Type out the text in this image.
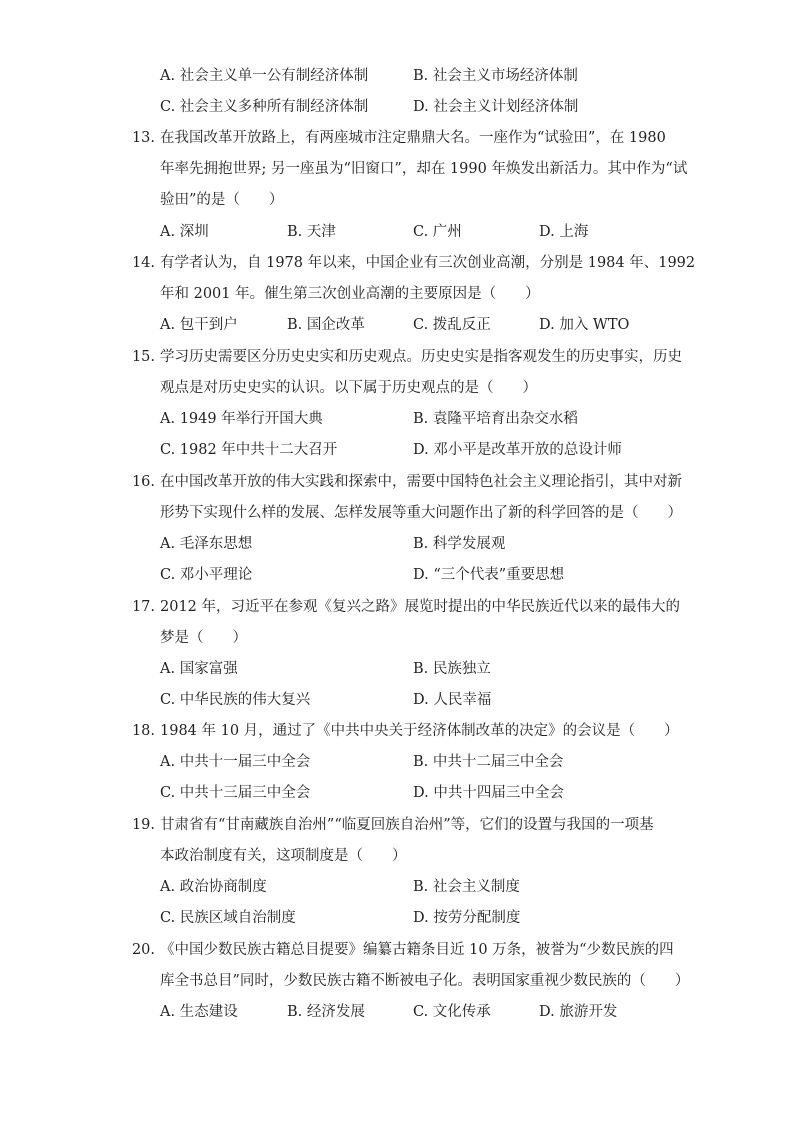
A. 社会主义单一公有制经济体制	B. 社会主义市场经济体制
C. 社会主义多种所有制经济体制	D. 社会主义计划经济体制
13. 在我国改革开放路上，有两座城市注定鼎鼎大名。一座作为“试验田”，在 1980
年率先拥抱世界; 另一座虽为“旧窗口”，却在 1990 年焕发出新活力。其中作为“试
验田”的是（　　）
A. 深圳	B. 天津	C. 广州	D. 上海
14. 有学者认为，自 1978 年以来，中国企业有三次创业高潮，分别是 1984 年、1992
年和 2001 年。催生第三次创业高潮的主要原因是（　　）
A. 包干到户	B. 国企改革	C. 拨乱反正	D. 加入 WTO
15. 学习历史需要区分历史史实和历史观点。历史史实是指客观发生的历史事实，历史
观点是对历史史实的认识。以下属于历史观点的是（　　）
A. 1949 年举行开国大典	B. 袁隆平培育出杂交水稻
C. 1982 年中共十二大召开	D. 邓小平是改革开放的总设计师
16. 在中国改革开放的伟大实践和探索中，需要中国特色社会主义理论指引，其中对新
形势下实现什么样的发展、怎样发展等重大问题作出了新的科学回答的是（　　）
A. 毛泽东思想	B. 科学发展观
C. 邓小平理论	D. “三个代表”重要思想
17. 2012 年，习近平在参观《复兴之路》展览时提出的中华民族近代以来的最伟大的
梦是（　　）
A. 国家富强	B. 民族独立
C. 中华民族的伟大复兴	D. 人民幸福
18. 1984 年 10 月，通过了《中共中央关于经济体制改革的决定》的会议是（　　）
A. 中共十一届三中全会	B. 中共十二届三中全会
C. 中共十三届三中全会	D. 中共十四届三中全会
19. 甘肃省有“甘南藏族自治州”“临夏回族自治州”等，它们的设置与我国的一项基
本政治制度有关，这项制度是（　　）
A. 政治协商制度	B. 社会主义制度
C. 民族区域自治制度	D. 按劳分配制度
20. 《中国少数民族古籍总目提要》编纂古籍条目近 10 万条，被誉为“少数民族的四
库全书总目”同时，少数民族古籍不断被电子化。表明国家重视少数民族的（　　）
A. 生态建设	B. 经济发展	C. 文化传承	D. 旅游开发
